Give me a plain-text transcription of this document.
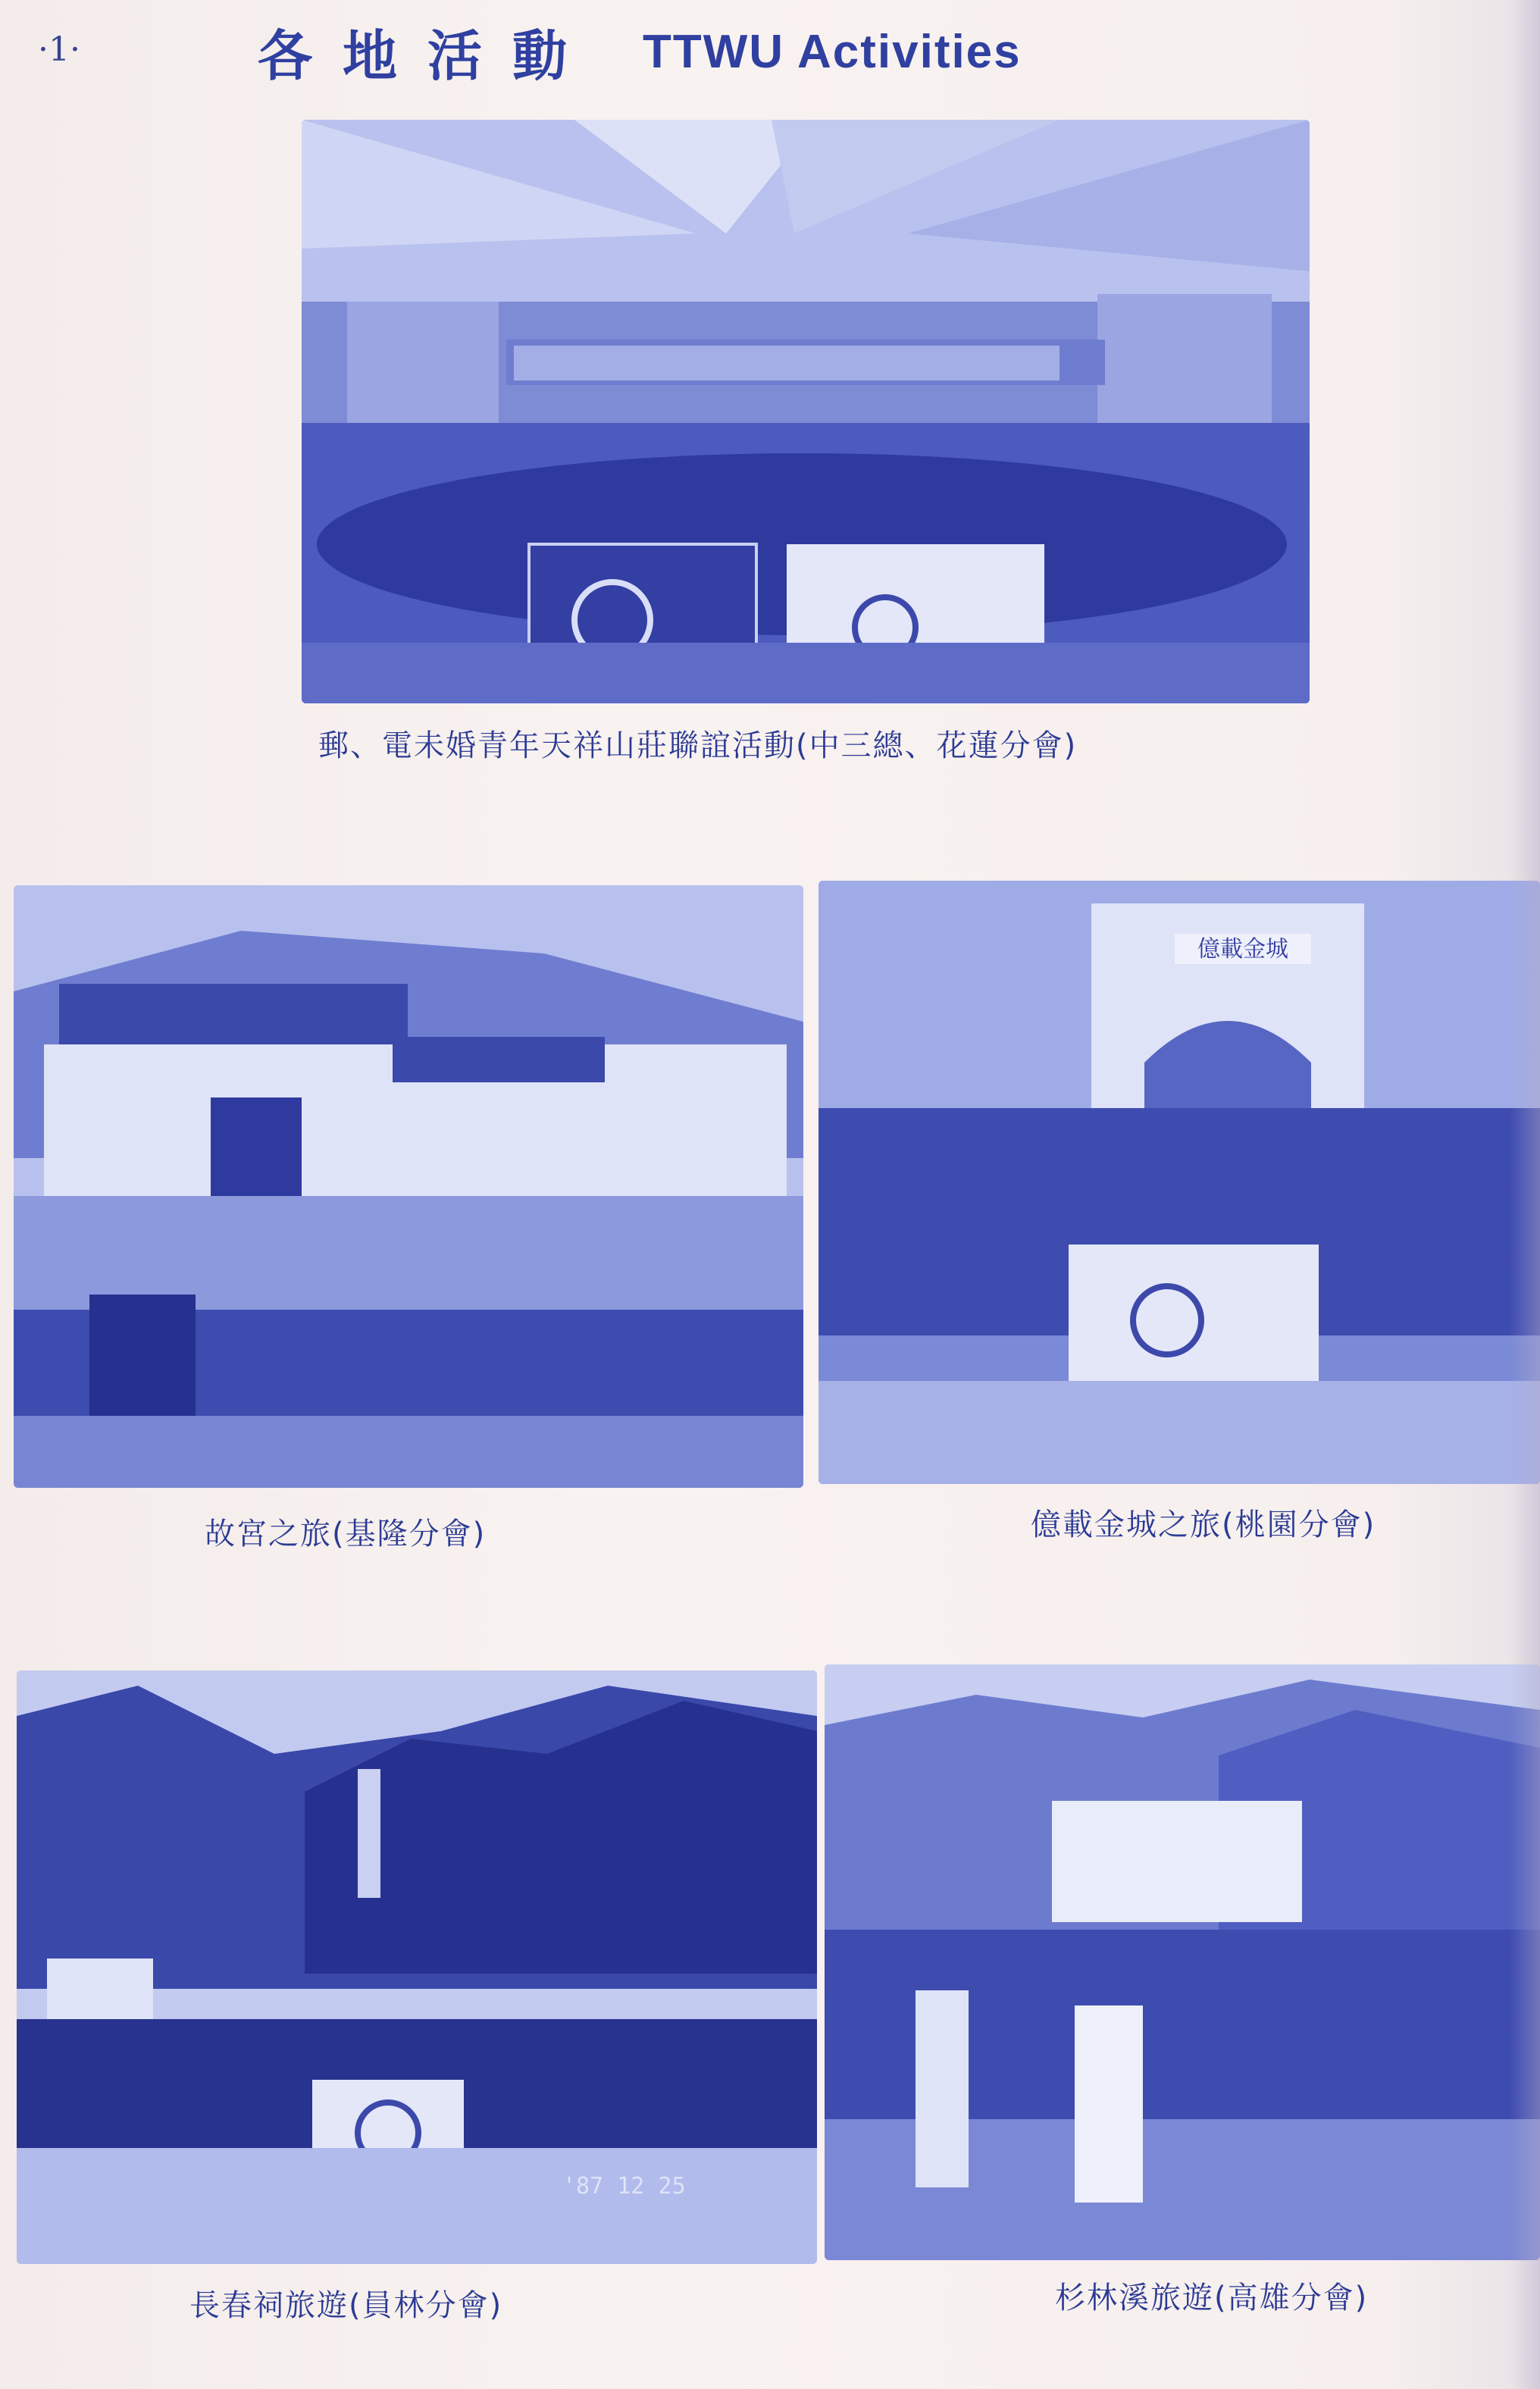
·1·	各地活動 TTWU Activities
郵、電未婚青年天祥山莊聯誼活動(中三總、花蓮分會)
故宮之旅(基隆分會)
億載金城
億載金城之旅(桃園分會)
'87 12 25
長春祠旅遊(員林分會)	杉林溪旅遊(高雄分會)
